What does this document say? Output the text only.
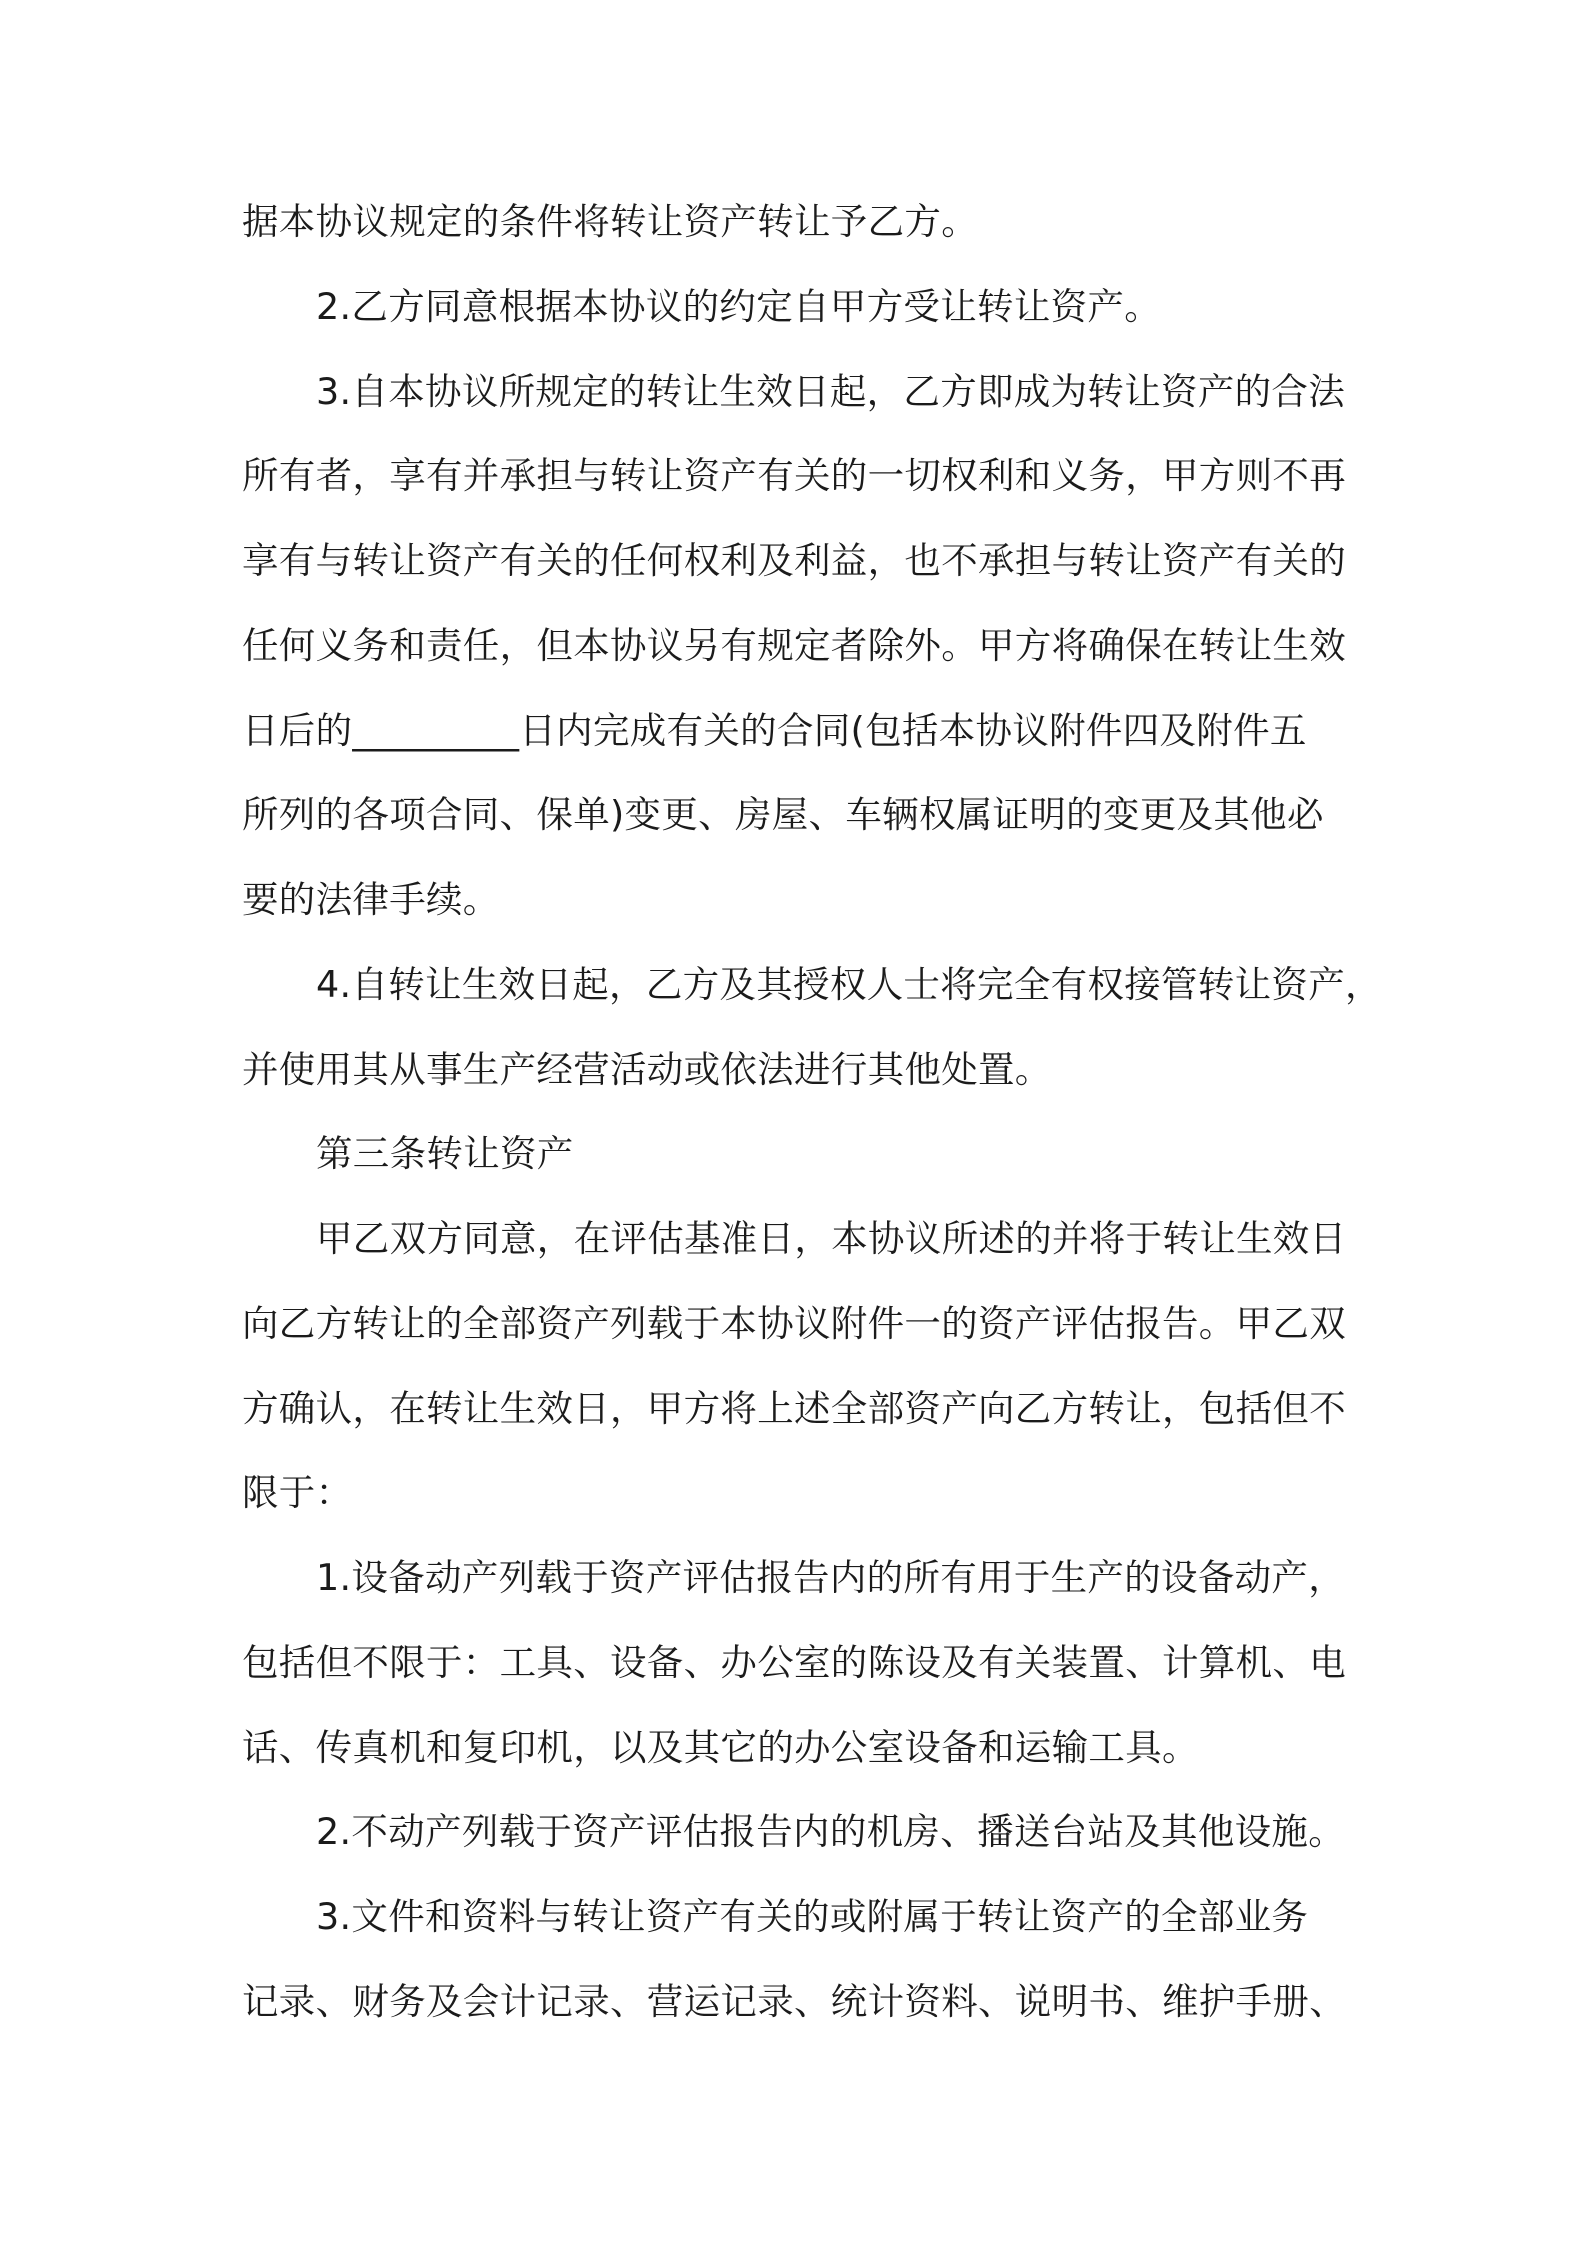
据本协议规定的条件将转让资产转让予乙方。
2.乙方同意根据本协议的约定自甲方受让转让资产。
3.自本协议所规定的转让生效日起，乙方即成为转让资产的合法
所有者，享有并承担与转让资产有关的一切权利和义务，甲方则不再
享有与转让资产有关的任何权利及利益，也不承担与转让资产有关的
任何义务和责任，但本协议另有规定者除外。甲方将确保在转让生效
日后的_________日内完成有关的合同(包括本协议附件四及附件五
所列的各项合同、保单)变更、房屋、车辆权属证明的变更及其他必
要的法律手续。
4.自转让生效日起，乙方及其授权人士将完全有权接管转让资产，
并使用其从事生产经营活动或依法进行其他处置。
第三条转让资产
甲乙双方同意，在评估基准日，本协议所述的并将于转让生效日
向乙方转让的全部资产列载于本协议附件一的资产评估报告。甲乙双
方确认，在转让生效日，甲方将上述全部资产向乙方转让，包括但不
限于：
1.设备动产列载于资产评估报告内的所有用于生产的设备动产，
包括但不限于：工具、设备、办公室的陈设及有关装置、计算机、电
话、传真机和复印机，以及其它的办公室设备和运输工具。
2.不动产列载于资产评估报告内的机房、播送台站及其他设施。
3.文件和资料与转让资产有关的或附属于转让资产的全部业务
记录、财务及会计记录、营运记录、统计资料、说明书、维护手册、
